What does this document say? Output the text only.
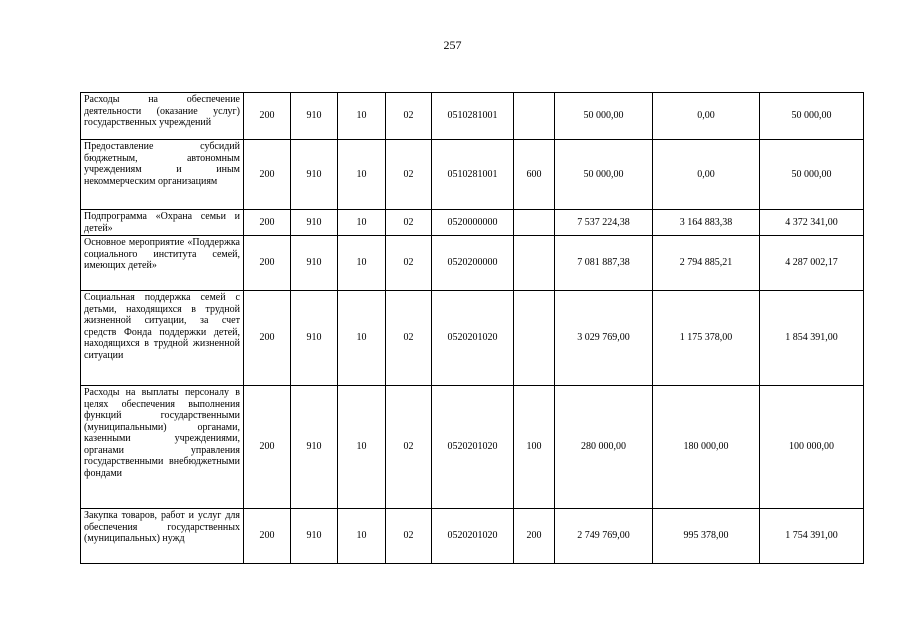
257
Расходы на обеспечение деятельности (оказание услуг) государственных учреждений	200	910	10	02	0510281001		50 000,00	0,00	50 000,00
Предоставление субсидий бюджетным, автономным учреждениям и иным некоммерческим организациям	200	910	10	02	0510281001	600	50 000,00	0,00	50 000,00
Подпрограмма «Охрана семьи и детей»	200	910	10	02	0520000000		7 537 224,38	3 164 883,38	4 372 341,00
Основное мероприятие «Поддержка социального института семей, имеющих детей»	200	910	10	02	0520200000		7 081 887,38	2 794 885,21	4 287 002,17
Социальная поддержка семей с детьми, находящихся в трудной жизненной ситуации, за счет средств Фонда поддержки детей, находящихся в трудной жизненной ситуации	200	910	10	02	0520201020		3 029 769,00	1 175 378,00	1 854 391,00
Расходы на выплаты персоналу в целях обеспечения выполнения функций государственными (муниципальными) органами, казенными учреждениями, органами управления государственными внебюджетными фондами	200	910	10	02	0520201020	100	280 000,00	180 000,00	100 000,00
Закупка товаров, работ и услуг для обеспечения государственных (муниципальных) нужд	200	910	10	02	0520201020	200	2 749 769,00	995 378,00	1 754 391,00
